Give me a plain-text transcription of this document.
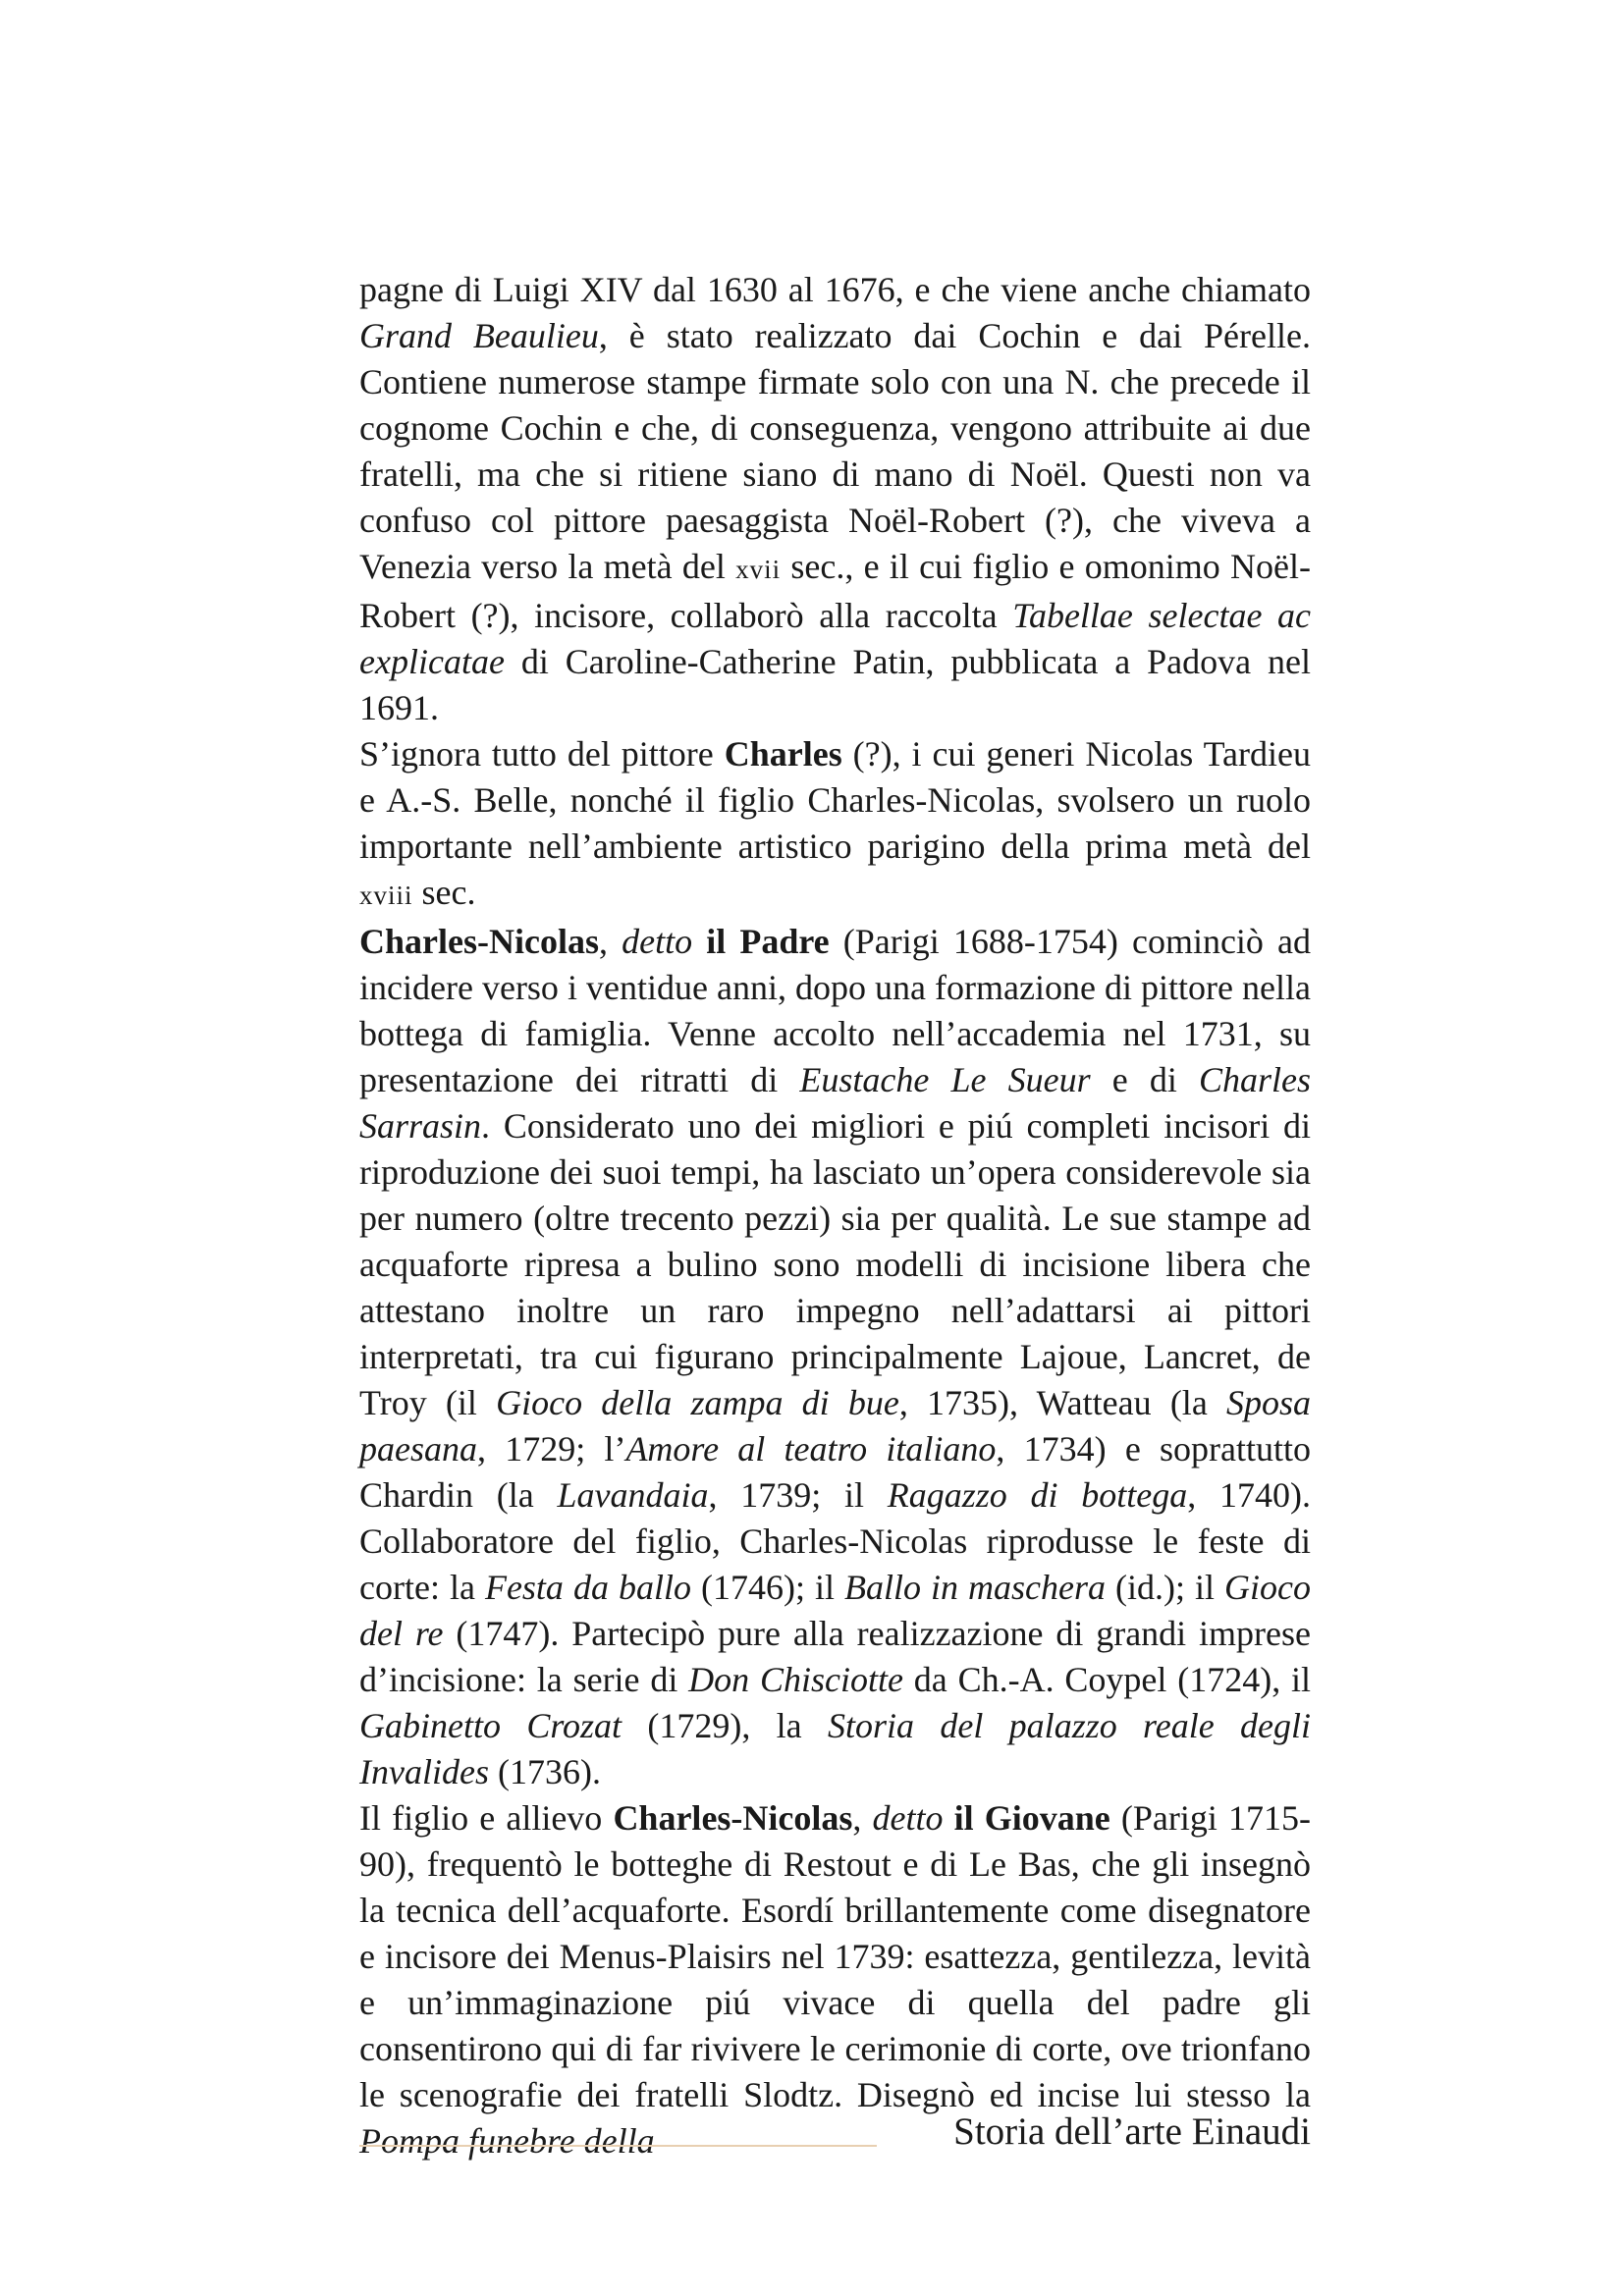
pagne di Luigi XIV dal 1630 al 1676, e che viene anche chiamato Grand Beaulieu, è stato realizzato dai Cochin e dai Pérelle. Contiene numerose stampe firmate solo con una N. che precede il cognome Cochin e che, di conseguenza, vengono attribuite ai due fratelli, ma che si ritiene siano di mano di Noël. Questi non va confuso col pittore paesaggista Noël-Robert (?), che viveva a Venezia verso la metà del xvii sec., e il cui figlio e omonimo Noël-Robert (?), incisore, collaborò alla raccolta Tabellae selectae ac explicatae di Caroline-Catherine Patin, pubblicata a Padova nel 1691.

S’ignora tutto del pittore Charles (?), i cui generi Nicolas Tardieu e A.-S. Belle, nonché il figlio Charles-Nicolas, svolsero un ruolo importante nell’ambiente artistico parigino della prima metà del xviii sec.

Charles-Nicolas, detto il Padre (Parigi 1688-1754) cominciò ad incidere verso i ventidue anni, dopo una formazione di pittore nella bottega di famiglia. Venne accolto nell’accademia nel 1731, su presentazione dei ritratti di Eustache Le Sueur e di Charles Sarrasin. Considerato uno dei migliori e piú completi incisori di riproduzione dei suoi tempi, ha lasciato un’opera considerevole sia per numero (oltre trecento pezzi) sia per qualità. Le sue stampe ad acquaforte ripresa a bulino sono modelli di incisione libera che attestano inoltre un raro impegno nell’adattarsi ai pittori interpretati, tra cui figurano principalmente Lajoue, Lancret, de Troy (il Gioco della zampa di bue, 1735), Watteau (la Sposa paesana, 1729; l’Amore al teatro italiano, 1734) e soprattutto Chardin (la Lavandaia, 1739; il Ragazzo di bottega, 1740). Collaboratore del figlio, Charles-Nicolas riprodusse le feste di corte: la Festa da ballo (1746); il Ballo in maschera (id.); il Gioco del re (1747). Partecipò pure alla realizzazione di grandi imprese d’incisione: la serie di Don Chisciotte da Ch.-A. Coypel (1724), il Gabinetto Crozat (1729), la Storia del palazzo reale degli Invalides (1736).

Il figlio e allievo Charles-Nicolas, detto il Giovane (Parigi 1715-90), frequentò le botteghe di Restout e di Le Bas, che gli insegnò la tecnica dell’acquaforte. Esordí brillantemente come disegnatore e incisore dei Menus-Plaisirs nel 1739: esattezza, gentilezza, levità e un’immaginazione piú vivace di quella del padre gli consentirono qui di far rivivere le cerimonie di corte, ove trionfano le scenografie dei fratelli Slodtz. Disegnò ed incise lui stesso la Pompa funebre della	Storia dell’arte Einaudi
